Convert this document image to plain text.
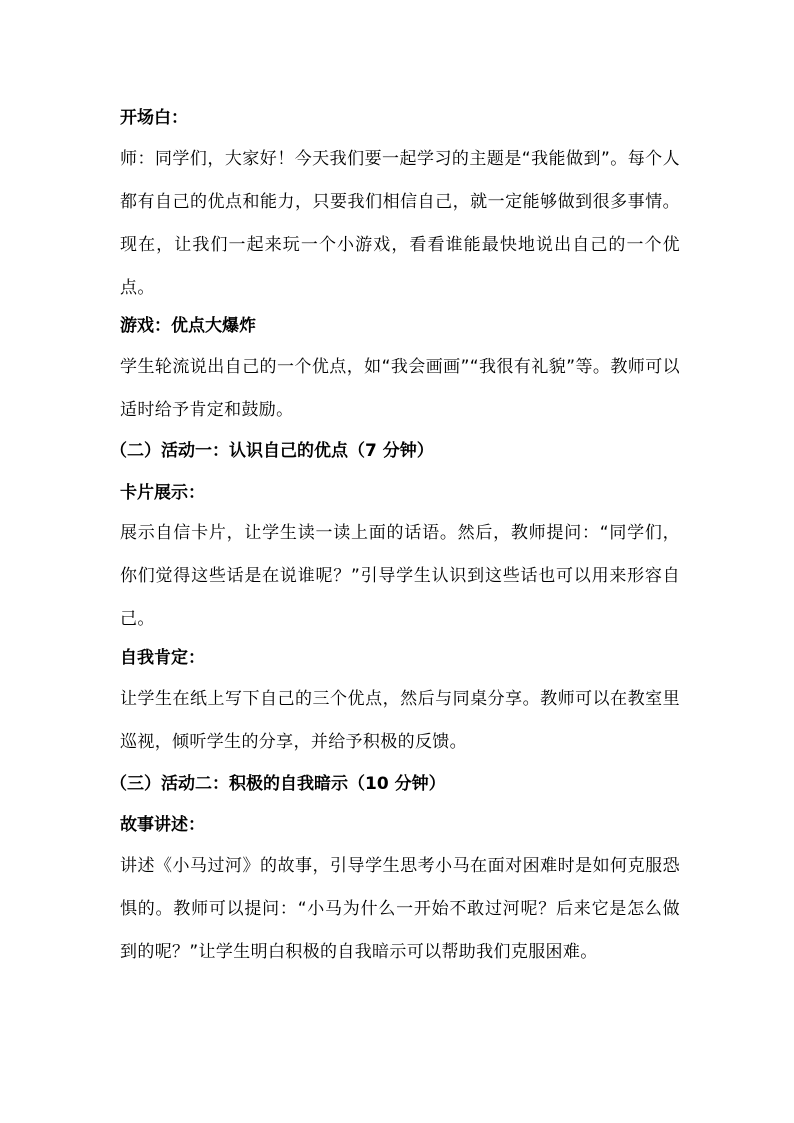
开场白：

师：同学们，大家好！今天我们要一起学习的主题是“我能做到”。每个人都有自己的优点和能力，只要我们相信自己，就一定能够做到很多事情。现在，让我们一起来玩一个小游戏，看看谁能最快地说出自己的一个优点。

游戏：优点大爆炸

学生轮流说出自己的一个优点，如“我会画画”“我很有礼貌”等。教师可以适时给予肯定和鼓励。

（二）活动一：认识自己的优点（7 分钟）
卡片展示：

展示自信卡片，让学生读一读上面的话语。然后，教师提问：“同学们，你们觉得这些话是在说谁呢？”引导学生认识到这些话也可以用来形容自己。

自我肯定：

让学生在纸上写下自己的三个优点，然后与同桌分享。教师可以在教室里巡视，倾听学生的分享，并给予积极的反馈。

（三）活动二：积极的自我暗示（10 分钟）
故事讲述：

讲述《小马过河》的故事，引导学生思考小马在面对困难时是如何克服恐惧的。教师可以提问：“小马为什么一开始不敢过河呢？后来它是怎么做到的呢？”让学生明白积极的自我暗示可以帮助我们克服困难。
